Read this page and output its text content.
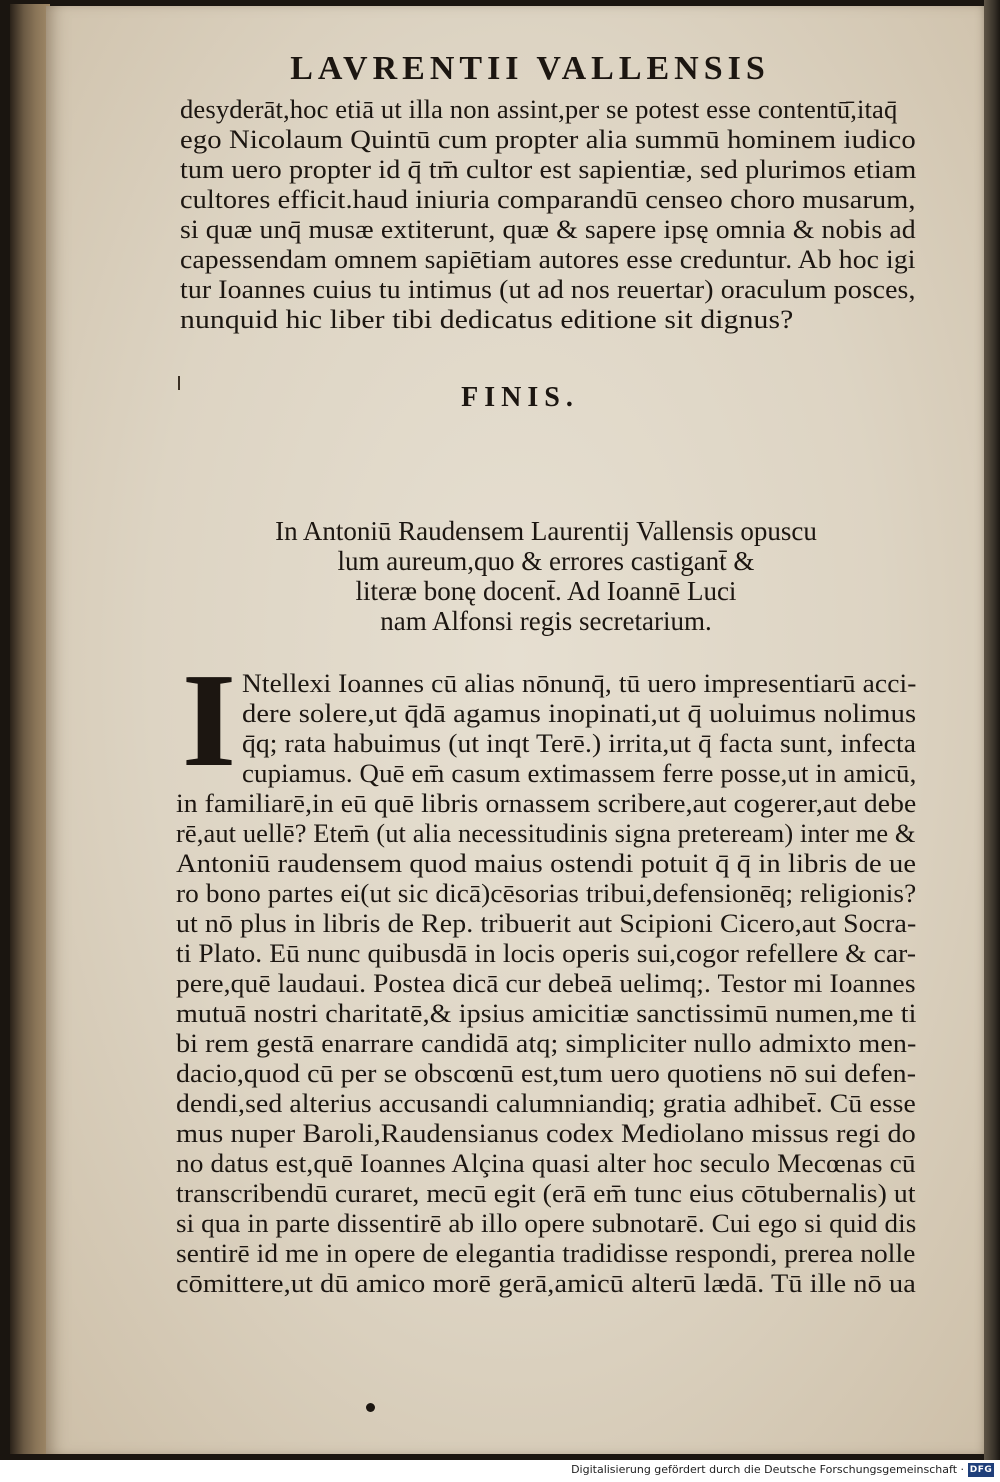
LAVRENTII VALLENSIS
desyderāt,hoc etiā ut illa non assint,per se potest esse contentū̄,itaq̄
ego Nicolaum Quintū cum propter alia summū hominem iudico
tum uero propter id q̄ tm̄ cultor est sapientiæ, sed plurimos etiam
cultores efficit.haud iniuria comparandū censeo choro musarum,
si quæ unq̄ musæ extiterunt, quæ & sapere ipsę omnia & nobis ad
capessendam omnem sapiētiam autores esse creduntur. Ab hoc igi
tur Ioannes cuius tu intimus (ut ad nos reuertar) oraculum posces,
nunquid hic liber tibi dedicatus editione sit dignus?
FINIS.
In Antoniū Raudensem Laurentij Vallensis opuscu
lum aureum,quo & errores castigant̄ &
literæ bonę docent̄. Ad Ioannē Luci
nam Alfonsi regis secretarium.
I Ntellexi Ioannes cū alias nōnunq̄, tū uero impresentiarū acci-
dere solere,ut q̄dā agamus inopinati,ut q̄ uoluimus nolimus
q̄q; rata habuimus (ut inqt Terē.) irrita,ut q̄ facta sunt, infecta
cupiamus. Quē em̄ casum extimassem ferre posse,ut in amicū,
in familiarē,in eū quē libris ornassem scribere,aut cogerer,aut debe
rē,aut uellē? Etem̄ (ut alia necessitudinis signa preteream) inter me &
Antoniū raudensem quod maius ostendi potuit q̄ q̄ in libris de ue
ro bono partes ei(ut sic dicā)cēsorias tribui,defensionēq; religionis?
ut nō plus in libris de Rep. tribuerit aut Scipioni Cicero,aut Socra-
ti Plato. Eū nunc quibusdā in locis operis sui,cogor refellere & car-
pere,quē laudaui. Postea dicā cur debeā uelimq;. Testor mi Ioannes
mutuā nostri charitatē,& ipsius amicitiæ sanctissimū numen,me ti
bi rem gestā enarrare candidā atq; simpliciter nullo admixto men-
dacio,quod cū per se obscœnū est,tum uero quotiens nō sui defen-
dendi,sed alterius accusandi calumniandiq; gratia adhibet̄. Cū esse
mus nuper Baroli,Raudensianus codex Mediolano missus regi do
no datus est,quē Ioannes Alçina quasi alter hoc seculo Mecœnas cū
transcribendū curaret, mecū egit (erā em̄ tunc eius cōtubernalis) ut
si qua in parte dissentirē ab illo opere subnotarē. Cui ego si quid dis
sentirē id me in opere de elegantia tradidisse respondi, prerea nolle
cōmittere,ut dū amico morē gerā,amicū alterū lædā. Tū ille nō ua
Digitalisierung gefördert durch die Deutsche Forschungsgemeinschaft · DFG
